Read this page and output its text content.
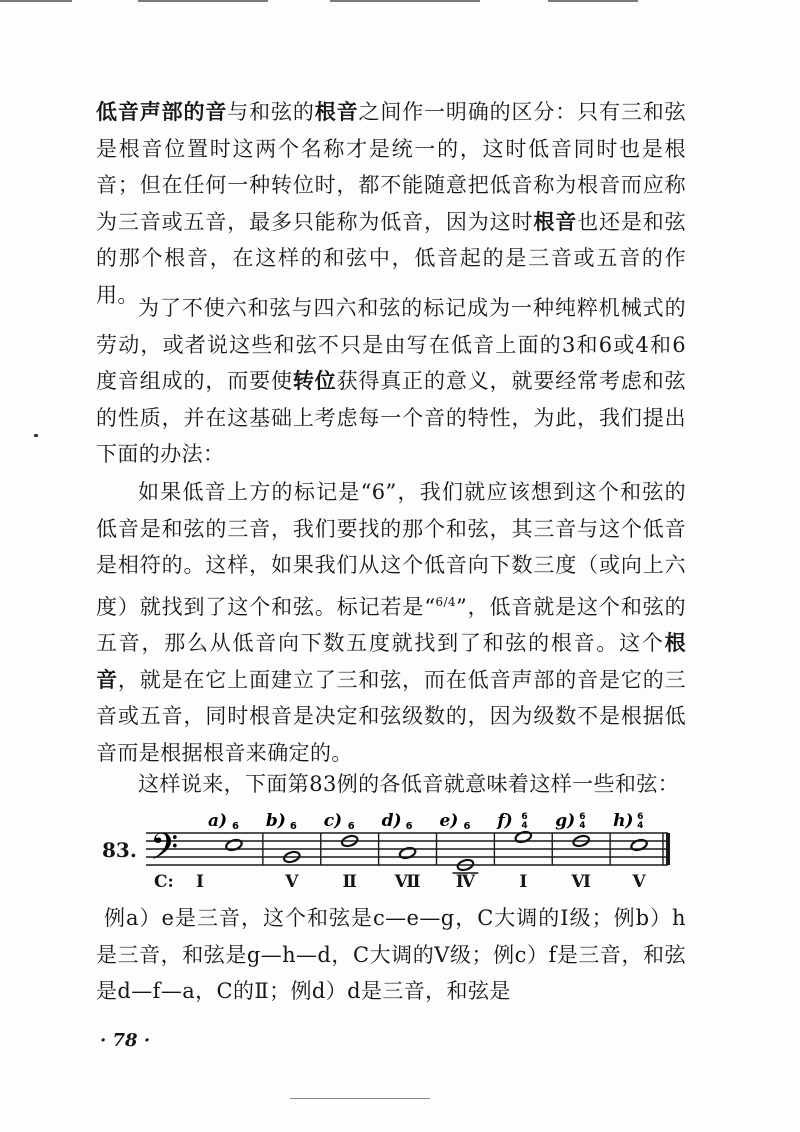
低音声部的音与和弦的根音之间作一明确的区分：只有三和弦是根音位置时这两个名称才是统一的，这时低音同时也是根音；但在任何一种转位时，都不能随意把低音称为根音而应称为三音或五音，最多只能称为低音，因为这时根音也还是和弦的那个根音，在这样的和弦中，低音起的是三音或五音的作用。

为了不使六和弦与四六和弦的标记成为一种纯粹机械式的劳动，或者说这些和弦不只是由写在低音上面的3和6或4和6度音组成的，而要使转位获得真正的意义，就要经常考虑和弦的性质，并在这基础上考虑每一个音的特性，为此，我们提出下面的办法：

如果低音上方的标记是“6”，我们就应该想到这个和弦的低音是和弦的三音，我们要找的那个和弦，其三音与这个低音是相符的。这样，如果我们从这个低音向下数三度（或向上六度）就找到了这个和弦。标记若是“$^{6/4}$”，低音就是这个和弦的五音，那么从低音向下数五度就找到了和弦的根音。这个根音，就是在它上面建立了三和弦，而在低音声部的音是它的三音或五音，同时根音是决定和弦级数的，因为级数不是根据低音而是根据根音来确定的。

这样说来，下面第83例的各低音就意味着这样一些和弦：

83. 𝄢
a) 6 b) 6 c) 6 d) 6 e) 6 f) 6
4 g) 6
4 h) 6
4
C: Ⅰ	Ⅴ	Ⅱ Ⅶ Ⅳ	Ⅰ	Ⅵ Ⅴ

例a）e是三音，这个和弦是c—e—g，C大调的Ⅰ级；例b）h是三音，和弦是g—h—d，C大调的Ⅴ级；例c）f是三音，和弦是d—f—a，C的Ⅱ；例d）d是三音，和弦是

· 78 ·
